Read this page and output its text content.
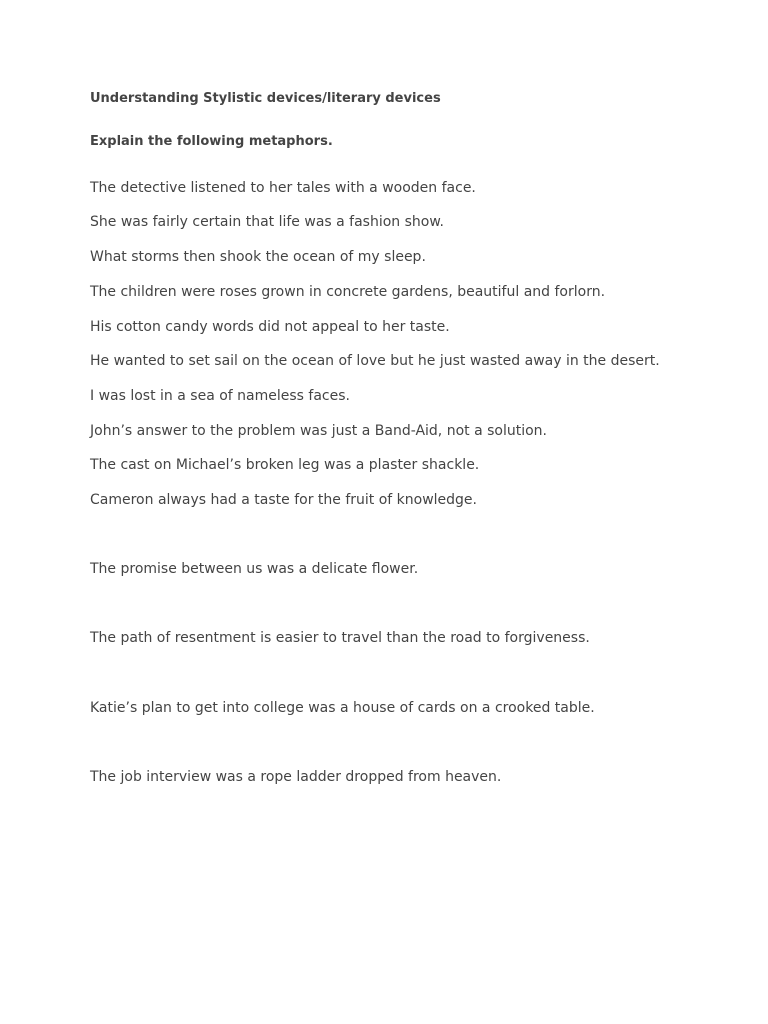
Understanding Stylistic devices/literary devices

Explain the following metaphors.

The detective listened to her tales with a wooden face.

She was fairly certain that life was a fashion show.

What storms then shook the ocean of my sleep.

The children were roses grown in concrete gardens, beautiful and forlorn.

His cotton candy words did not appeal to her taste.

He wanted to set sail on the ocean of love but he just wasted away in the desert.

I was lost in a sea of nameless faces.

John’s answer to the problem was just a Band-Aid, not a solution.

The cast on Michael’s broken leg was a plaster shackle.

Cameron always had a taste for the fruit of knowledge.

The promise between us was a delicate flower.

The path of resentment is easier to travel than the road to forgiveness.

Katie’s plan to get into college was a house of cards on a crooked table.

The job interview was a rope ladder dropped from heaven.
